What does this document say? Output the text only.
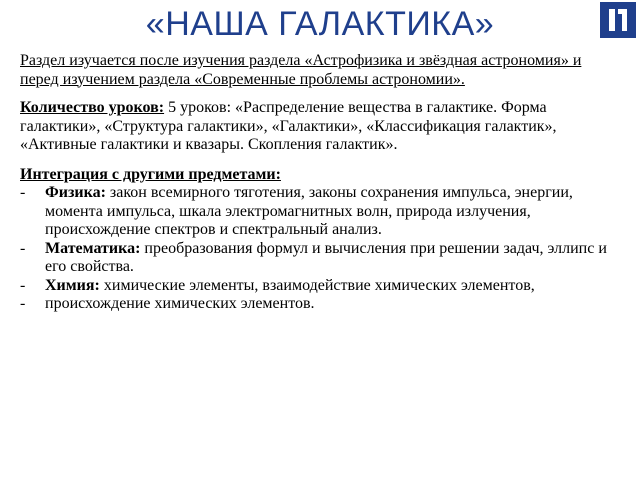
«НАША ГАЛАКТИКА»

Раздел изучается после изучения раздела «Астрофизика и звёздная астрономия» и перед изучением раздела «Современные проблемы астрономии».

Количество уроков: 5 уроков: «Распределение вещества в галактике. Форма галактики», «Структура галактики», «Галактики», «Классификация галактик», «Активные галактики и квазары. Скопления галактик».

Интеграция с другими предметами:

- Физика: закон всемирного тяготения, законы сохранения импульса, энергии, момента импульса, шкала электромагнитных волн, природа излучения, происхождение спектров и спектральный анализ.
- Математика: преобразования формул и вычисления при решении задач, эллипс и его свойства.
- Химия: химические элементы, взаимодействие химических элементов,
- происхождение химических элементов.
